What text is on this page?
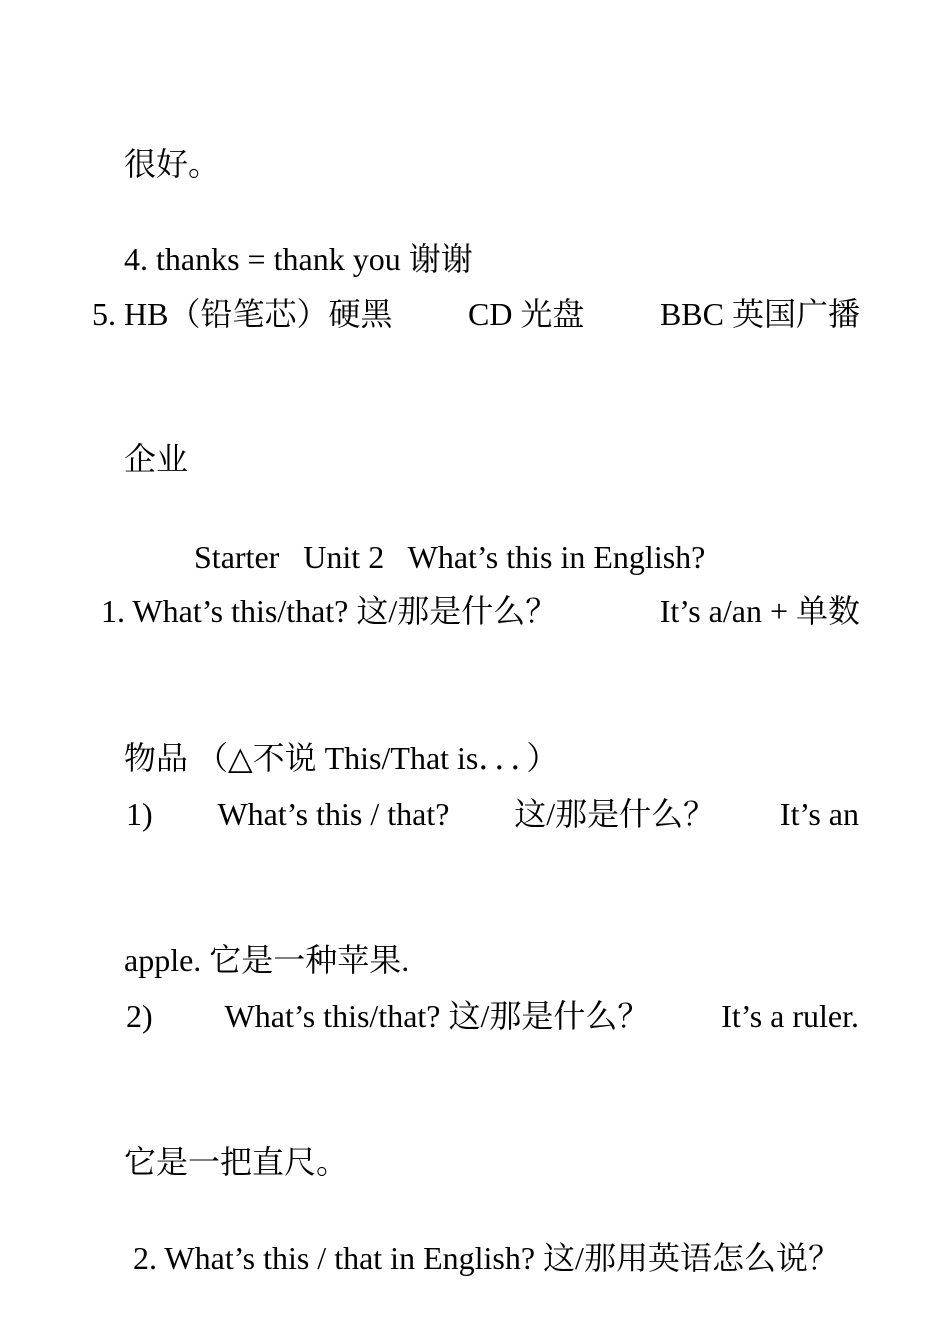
很好。

4. thanks = thank you 谢谢

5. HB（铅笔芯）硬黑 CD 光盘 BBC 英国广播

企业

Starter   Unit 2   What’s this in English?

1. What’s this/that? 这/那是什么？	It’s a/an + 单数

物品 （△不说 This/That is．．．）

1) What’s this / that? 这/那是什么？ It’s an

apple. 它是一种苹果.

2) What’s this/that? 这/那是什么？ It’s a ruler.

它是一把直尺。

2. What’s this / that in English? 这/那用英语怎么说？
